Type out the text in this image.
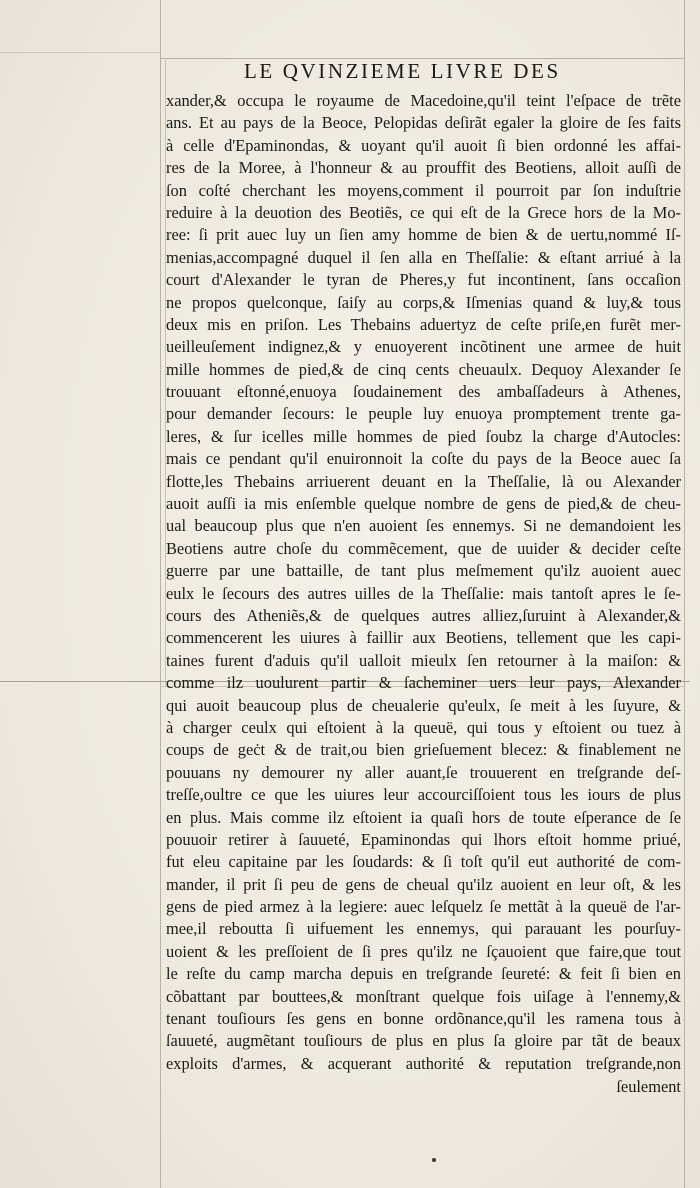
LE QVINZIEME LIVRE DES
xander,& occupa le royaume de Macedoine,qu'il teint l'eſpace de trẽte
ans. Et au pays de la Beoce, Pelopidas deſirãt egaler la gloire de ſes faits
à celle d'Epaminondas, & uoyant qu'il auoit ſi bien ordonné les affai-
res de la Moree, à l'honneur & au prouffit des Beotiens, alloit auſſi de
ſon coſté cherchant les moyens,comment il pourroit par ſon induſtrie
reduire à la deuotion des Beotiẽs, ce qui eſt de la Grece hors de la Mo-
ree: ſi prit auec luy un ſien amy homme de bien & de uertu,nommé Iſ-
menias,accompagné duquel il ſen alla en Theſſalie: & eſtant arriué à la
court d'Alexander le tyran de Pheres,y fut incontinent, ſans occaſion
ne propos quelconque, ſaiſy au corps,& Iſmenias quand & luy,& tous
deux mis en priſon. Les Thebains aduertyz de ceſte priſe,en furẽt mer-
ueilleuſement indignez,& y enuoyerent incõtinent une armee de huit
mille hommes de pied,& de cinq cents cheuaulx. Dequoy Alexander ſe
trouuant eſtonné,enuoya ſoudainement des ambaſſadeurs à Athenes,
pour demander ſecours: le peuple luy enuoya promptement trente ga-
leres, & ſur icelles mille hommes de pied ſoubz la charge d'Autocles:
mais ce pendant qu'il enuironnoit la coſte du pays de la Beoce auec ſa
flotte,les Thebains arriuerent deuant en la Theſſalie, là ou Alexander
auoit auſſi ia mis enſemble quelque nombre de gens de pied,& de cheu-
ual beaucoup plus que n'en auoient ſes ennemys. Si ne demandoient les
Beotiens autre choſe du commẽcement, que de uuider & decider ceſte
guerre par une battaille, de tant plus meſmement qu'ilz auoient auec
eulx le ſecours des autres uilles de la Theſſalie: mais tantoſt apres le ſe-
cours des Atheniẽs,& de quelques autres alliez,ſuruint à Alexander,&
commencerent les uiures à faillir aux Beotiens, tellement que les capi-
taines furent d'aduis qu'il ualloit mieulx ſen retourner à la maiſon: &
comme ilz uoulurent partir & ſacheminer uers leur pays, Alexander
qui auoit beaucoup plus de cheualerie qu'eulx, ſe meit à les ſuyure, &
à charger ceulx qui eſtoient à la queuë, qui tous y eſtoient ou tuez à
coups de geċt & de trait,ou bien grieſuement blecez: & finablement ne
pouuans ny demourer ny aller auant,ſe trouuerent en treſgrande deſ-
treſſe,oultre ce que les uiures leur accourciſſoient tous les iours de plus
en plus. Mais comme ilz eſtoient ia quaſi hors de toute eſperance de ſe
pouuoir retirer à ſauueté, Epaminondas qui lhors eſtoit homme priué,
fut eleu capitaine par les ſoudards: & ſi toſt qu'il eut authorité de com-
mander, il prit ſi peu de gens de cheual qu'ilz auoient en leur oſt, & les
gens de pied armez à la legiere: auec leſquelz ſe mettãt à la queuë de l'ar-
mee,il reboutta ſi uifuement les ennemys, qui parauant les pourſuy-
uoient & les preſſoient de ſi pres qu'ilz ne ſçauoient que faire,que tout
le reſte du camp marcha depuis en treſgrande ſeureté: & feit ſi bien en
cõbattant par bouttees,& monſtrant quelque fois uiſage à l'ennemy,&
tenant touſiours ſes gens en bonne ordõnance,qu'il les ramena tous à
ſauueté, augmẽtant touſiours de plus en plus ſa gloire par tãt de beaux
exploits d'armes, & acquerant authorité & reputation treſgrande,non
ſeulement
